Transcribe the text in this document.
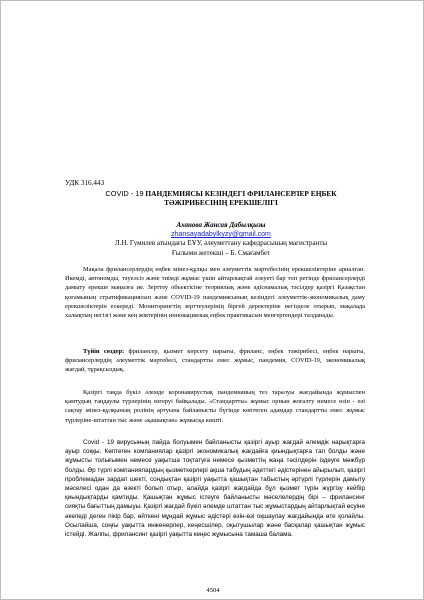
УДК 316.443
COVID - 19 ПАНДЕМИЯСЫ КЕЗІНДЕГІ ФРИЛАНСЕРЛЕР ЕҢБЕК
ТӘЖІРИБЕСІНІҢ ЕРЕКШЕЛІГІ
Аханова Жансая Дабылқызы
zhansayadabylkyzy@gmail.com
Л.Н. Гумилев атындағы ЕҰУ, әлеуметтану кафедрасының магистранты
Ғылыми жетекші – Б. Смағамбет

Мақала фрилансерлердің еңбек мінез-құлқы мен әлеуметтік мәртебесінің ерекшеліктеріне арналған. Икемді, автономды, тәуелсіз және тиімді жұмыс үшін айтарлықтай әлеуеті бар топ ретінде фрилансерлерді дамыту ерекше маңызға ие. Зерттеу объектісіне теориялық және әдіснамалық тәсілдер қазіргі Қазақстан қоғамының стратификациясын және COVID-19 пандемиясының кезіндегі әлеуметтік-экономикалық даму ерекшеліктерін ескереді. Мониторингтің зерттеулерінің біргей деректеріне негізделе отырып, мақалада халықтың негізгі және кең жіктерінің инновациялық еңбек практикасын менгергендері талданады.

Түйін сөздер: фрилансер, қызмет көрсету нарығы, фриланс, еңбек тәжірибесі, еңбек нарығы, фрилансерлердің әлеуметтік мәртебесі, стандартты емес жұмыс, пандемия, COVID-19, экономикалық жағдай, тұрақсыздық.

Қазіргі таңда бүкіл әлемде коронавирустық пандемияның тез таралуы жағдайында жұмыспен қамтудың таңдаулы түрлерінің өзгеруі байқалады. «Стандартты» жұмыс орнын жоғалту немесе өзін - өзі сақтау мінез-құлқының ролінің артуына байланысты бүгінде көптеген адамдар стандартты емес жұмыс түрлеріне-штаттан тыс және «қашықтан» жұмысқа көшті.

Covid - 19 вирусының пайда болуымен байланысты қазіргі ауыр жағдай әлемдік нарықтарға ауыр соққы. Көптеген компаниялар қазіргі экономикалық жағдайға қиындықтарға тап болды және жұмысты толығымен немесе уақытша тоқтатуға немесе қызметтің жаңа тәсілдерін іздеуге мәжбүр болды. Әр түрлі компаниялардың қызметкерлері ақша табудың әдеттегі әдістерінен айырылып, қазіргі проблемадан зардап шекті, сондықтан қазіргі уақытта қашықтан табыстың әртүрлі түрлерін дамыту мәселесі одан да өзекті болып отыр, алайда қазіргі жағдайда бұл қызмет түрін жүргізу кейбір қиындықтарды қамтиды. Қашықтан жұмыс істеуге байланысты мәселелердің бірі – фрилансинг сияқты бағыттың дамыуы. Қазіргі жағдай бүкіл әлемде штаттан тыс жұмыстардың айтарлықтай өсуіне әкеледі деген пікір бар, өйткені мұндай жұмыс әдістері өзін-өзі оқшаулау жағдайында өте қолайлы. Осылайша, соңғы уақытта инженерлер, кеңесшілер, оқытушылар және басқалар қашықтан жұмыс істейді. Жалпы, фрилансинг қазіргі уақытта кеңес жұмысына тамаша балама.

4504
